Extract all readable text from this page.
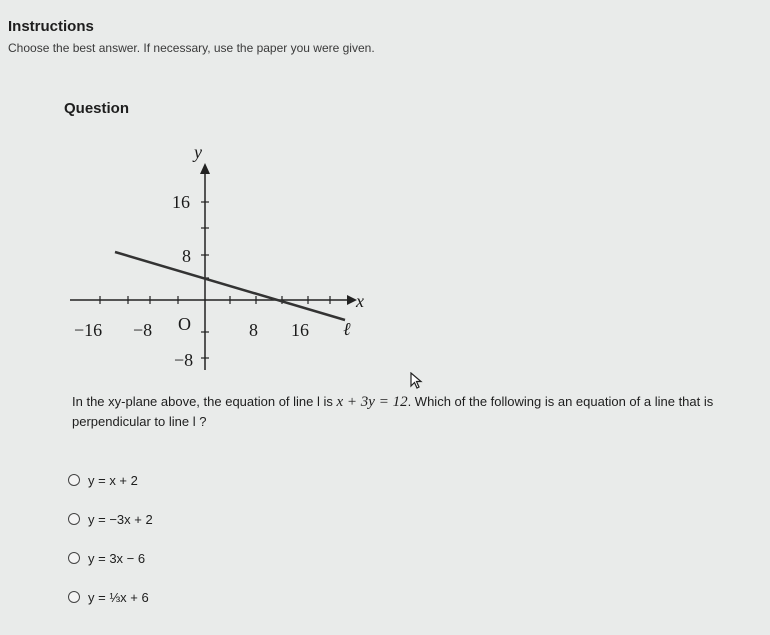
Instructions
Choose the best answer. If necessary, use the paper you were given.
Question
y
x
ℓ
O
−16 −8	8 16
16
8
−8
In the xy-plane above, the equation of line l is x + 3y = 12. Which of the following is an equation of a line that is perpendicular to line l ?
y = x + 2
y = −3x + 2
y = 3x − 6
y = ⅓x + 6
